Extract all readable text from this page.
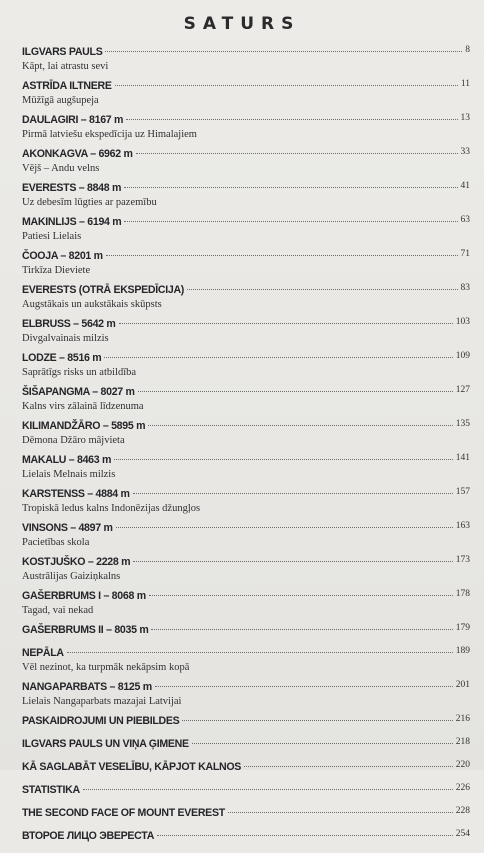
SATURS
ILGVARS PAULS	8
Kāpt, lai atrastu sevi
ASTRĪDA ILTNERE	11
Mūžīgā augšupeja
DAULAGIRI – 8167 m	13
Pirmā latviešu ekspedīcija uz Himalajiem
AKONKAGVA – 6962 m	33
Vējš – Andu velns
EVERESTS – 8848 m	41
Uz debesīm lūgties ar pazemību
MAKINLIJS – 6194 m	63
Patiesi Lielais
ČOOJA – 8201 m	71
Tirkīza Dieviete
EVERESTS (OTRĀ EKSPEDĪCIJA)	83
Augstākais un aukstākais skūpsts
ELBRUSS – 5642 m	103
Divgalvainais milzis
LODZE – 8516 m	109
Saprātīgs risks un atbildība
ŠIŠAPANGMA – 8027 m	127
Kalns virs zālainā līdzenuma
KILIMANDŽĀRO – 5895 m	135
Dēmona Džāro mājvieta
MAKALU – 8463 m	141
Lielais Melnais milzis
KARSTENSS – 4884 m	157
Tropiskā ledus kalns Indonēzijas džungļos
VINSONS – 4897 m	163
Pacietības skola
KOSTJUŠKO – 2228 m	173
Austrālijas Gaiziņkalns
GAŠERBRUMS I – 8068 m	178
Tagad, vai nekad
GAŠERBRUMS II – 8035 m	179
NEPĀLA	189
Vēl nezinot, ka turpmāk nekāpsim kopā
NANGAPARBATS – 8125 m	201
Lielais Nangaparbats mazajai Latvijai
PASKAIDROJUMI UN PIEBILDES	216
ILGVARS PAULS UN VIŅA ĢIMENE	218
KĀ SAGLABĀT VESELĪBU, KĀPJOT KALNOS	220
STATISTIKA	226
THE SECOND FACE OF MOUNT EVEREST	228
ВТОРОЕ ЛИЦО ЭВЕРЕСТА	254
